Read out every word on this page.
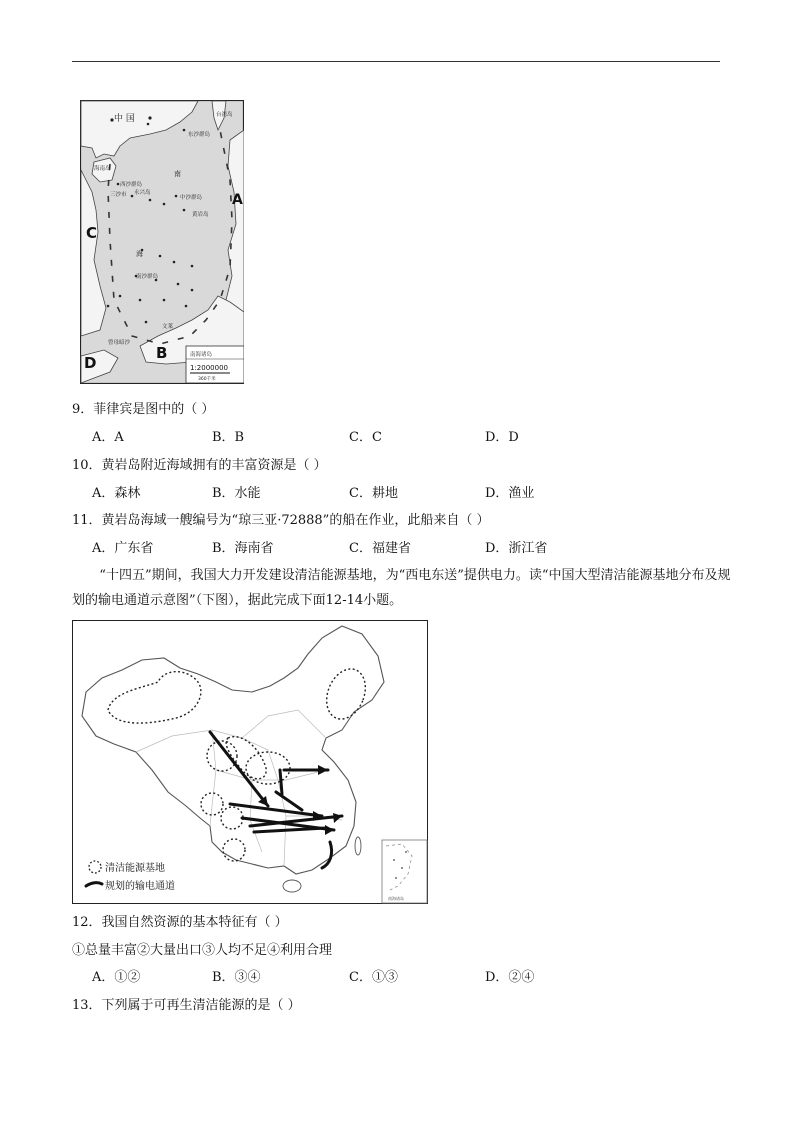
中 国	台湾岛
东沙群岛
海南岛
西沙群岛
三沙市 永兴岛
南
中沙群岛
黄岩岛
海
南沙群岛
文莱
曾母暗沙
A
B
C
D	南海诸岛
1:2000000
360千米
9．菲律宾是图中的（ ）
A．A	B．B	C．C	D．D
10．黄岩岛附近海域拥有的丰富资源是（ ）
A．森林	B．水能	C．耕地	D．渔业
11．黄岩岛海域一艘编号为“琼三亚·72888”的船在作业，此船来自（ ）
A．广东省	B．海南省	C．福建省	D．浙江省
“十四五”期间，我国大力开发建设清洁能源基地，为“西电东送”提供电力。读“中国大型清洁能源基地分布及规划的输电通道示意图”（下图），据此完成下面12-14小题。
南海诸岛
清洁能源基地
规划的输电通道
12．我国自然资源的基本特征有（ ）
①总量丰富②大量出口③人均不足④利用合理
A．①②	B．③④	C．①③	D．②④
13．下列属于可再生清洁能源的是（ ）
